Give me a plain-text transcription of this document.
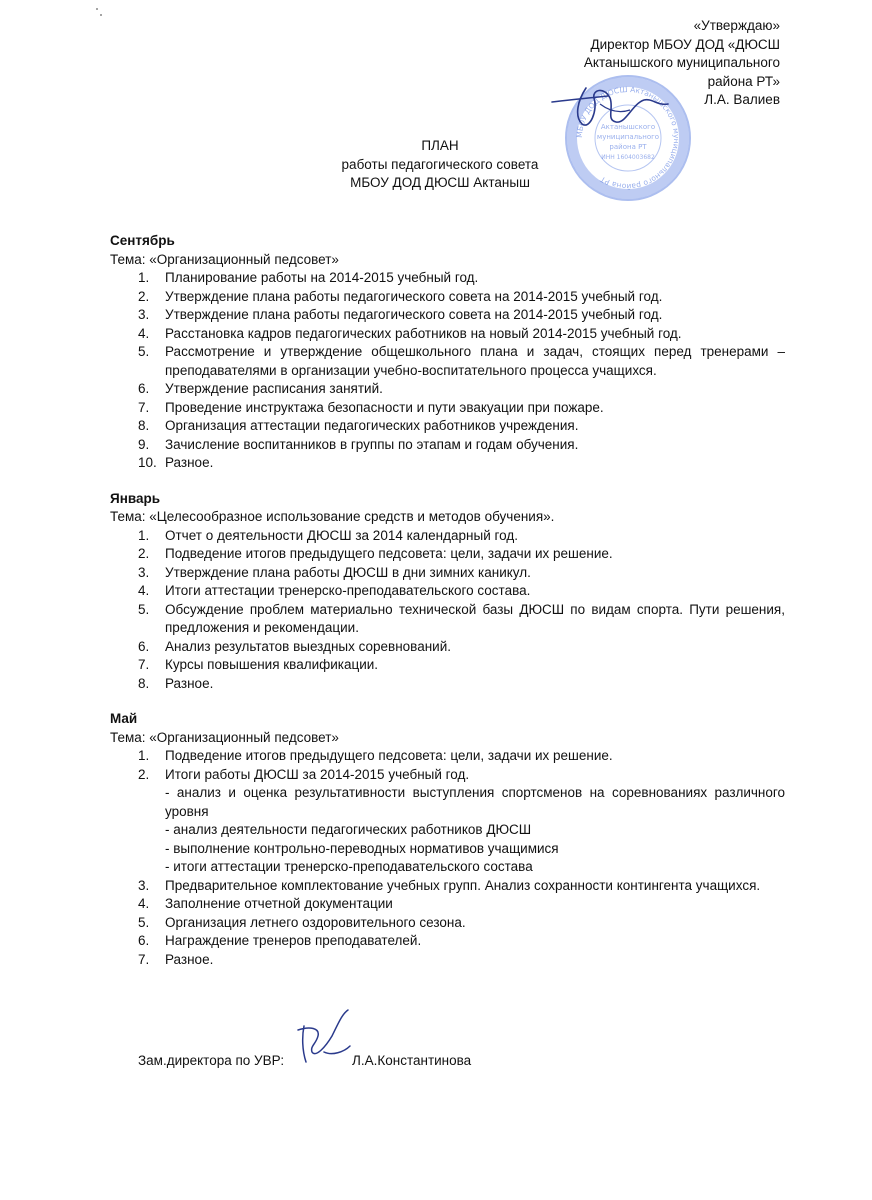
«Утверждаю»
Директор МБОУ ДОД «ДЮСШ
Актанышского муниципального
района РТ»
Л.А. Валиев
МБОУ ДОД ДЮСШ Актанышского муниципального района РТ
Актанышского
муниципального
района РТ
ИНН 1604003682
ПЛАН
работы педагогического совета
МБОУ ДОД ДЮСШ Актаныш
Сентябрь
Тема: «Организационный педсовет»
1.	Планирование работы на 2014-2015 учебный год.
2.	Утверждение плана работы педагогического совета на 2014-2015 учебный год.
3.	Утверждение плана работы педагогического совета на 2014-2015 учебный год.
4.	Расстановка кадров педагогических работников на новый 2014-2015 учебный год.
5.	Рассмотрение и утверждение общешкольного плана и задач, стоящих перед тренерами – преподавателями в организации учебно-воспитательного процесса учащихся.
6.	Утверждение расписания занятий.
7.	Проведение инструктажа безопасности и пути эвакуации при пожаре.
8.	Организация аттестации педагогических работников учреждения.
9.	Зачисление воспитанников в группы по этапам и годам обучения.
10. Разное.
Январь
Тема: «Целесообразное использование средств и методов обучения».
1.	Отчет о деятельности ДЮСШ за 2014 календарный год.
2.	Подведение итогов предыдущего педсовета: цели, задачи их решение.
3.	Утверждение плана работы ДЮСШ в дни зимних каникул.
4.	Итоги аттестации тренерско-преподавательского состава.
5.	Обсуждение проблем материально технической базы ДЮСШ по видам спорта. Пути решения, предложения и рекомендации.
6.	Анализ результатов выездных соревнований.
7.	Курсы повышения квалификации.
8.	Разное.
Май
Тема: «Организационный педсовет»
1.	Подведение итогов предыдущего педсовета: цели, задачи их решение.
2.	Итоги работы ДЮСШ за 2014-2015 учебный год.
- анализ и оценка результативности выступления спортсменов на соревнованиях различного уровня
- анализ деятельности педагогических работников ДЮСШ
- выполнение контрольно-переводных нормативов учащимися
- итоги аттестации тренерско-преподавательского состава
3.	Предварительное комплектование учебных групп. Анализ сохранности контингента учащихся.
4.	Заполнение отчетной документации
5.	Организация летнего оздоровительного сезона.
6.	Награждение тренеров преподавателей.
7.	Разное.
Зам.директора по УВР:	Л.А.Константинова
